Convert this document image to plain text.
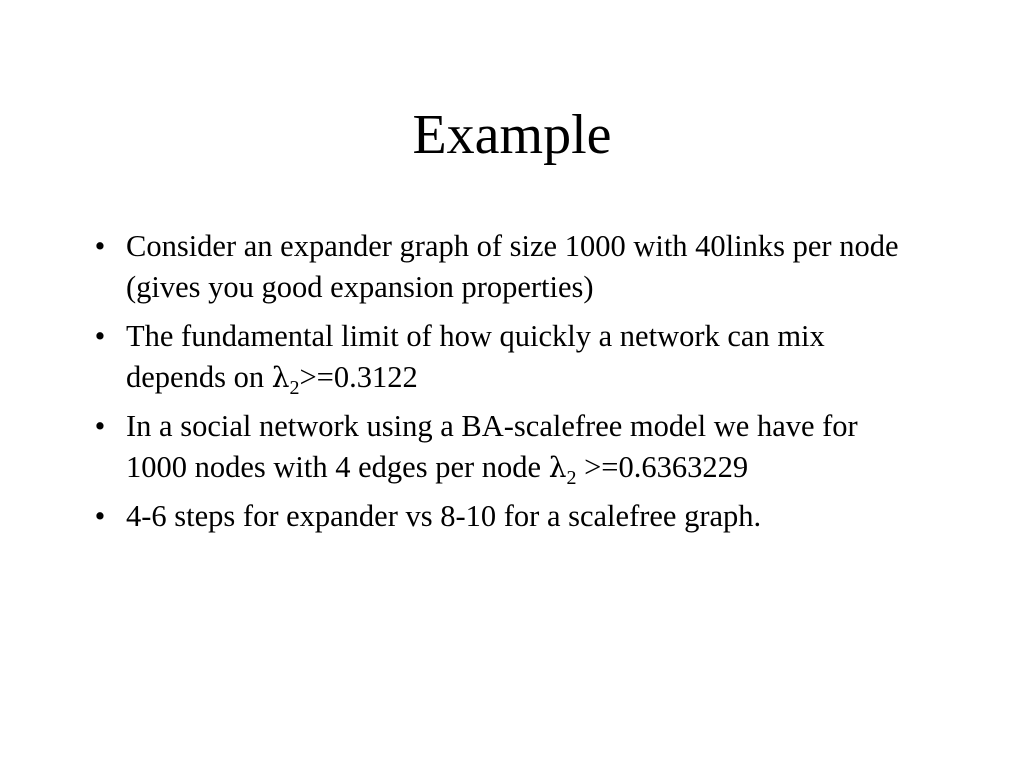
Example
• Consider an expander graph of size 1000 with 40links per node (gives you good expansion properties)
• The fundamental limit of how quickly a network can mix depends on $\lambda_2>=0.3122$
• In a social network using a BA-scalefree model we have for 1000 nodes with 4 edges per node $\lambda_2 >=0.6363229$
• 4-6 steps for expander vs 8-10 for a scalefree graph.
